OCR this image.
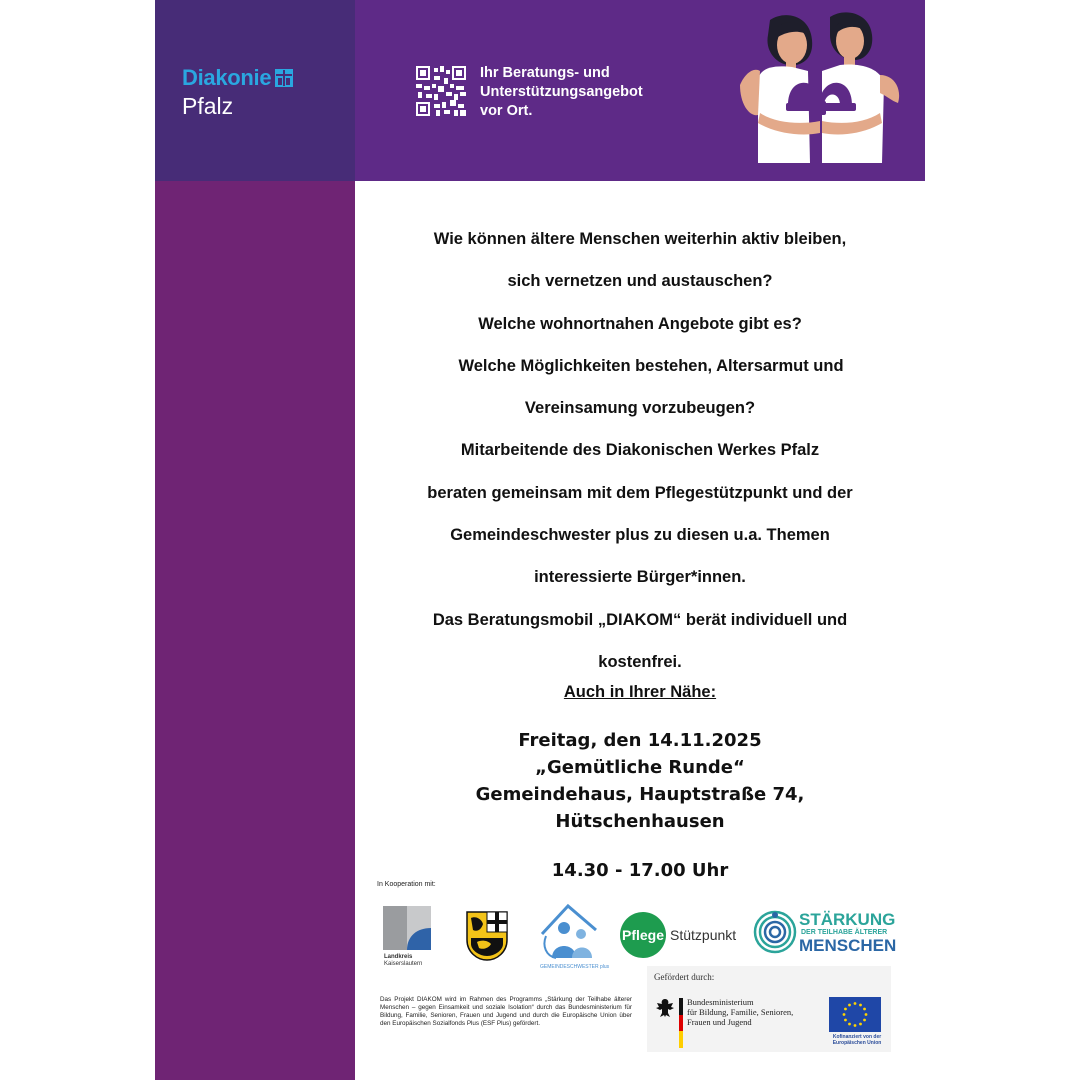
Diakonie
Pfalz
Ihr Beratungs- und
Unterstützungsangebot
vor Ort.

Wie können ältere Menschen weiterhin aktiv bleiben,

sich vernetzen und austauschen?

Welche wohnortnahen Angebote gibt es?

Welche Möglichkeiten bestehen, Altersarmut und

Vereinsamung vorzubeugen?

Mitarbeitende des Diakonischen Werkes Pfalz

beraten gemeinsam mit dem Pflegestützpunkt und der

Gemeindeschwester plus zu diesen u.a. Themen

interessierte Bürger*innen.

Das Beratungsmobil „DIAKOM“ berät individuell und

kostenfrei.

Auch in Ihrer Nähe:
Freitag, den 14.11.2025
„Gemütliche Runde“
Gemeindehaus, Hauptstraße 74,
Hütschenhausen
14.30 - 17.00 Uhr
In Kooperation mit:
Landkreis
Kaiserslautern	GEMEINDESCHWESTER plus
Pflege Stützpunkt
STÄRKUNG
DER TEILHABE ÄLTERER
MENSCHEN
Das Projekt DIAKOM wird im Rahmen des Programms „Stärkung der Teilhabe älterer Menschen – gegen Einsamkeit und soziale Isolation“ durch das Bundesministerium für Bildung, Familie, Senioren, Frauen und Jugend und durch die Europäische Union über den Europäischen Sozialfonds Plus (ESF Plus) gefördert.
Gefördert durch:
Bundesministerium
für Bildung, Familie, Senioren,
Frauen und Jugend
Kofinanziert von der
Europäischen Union
